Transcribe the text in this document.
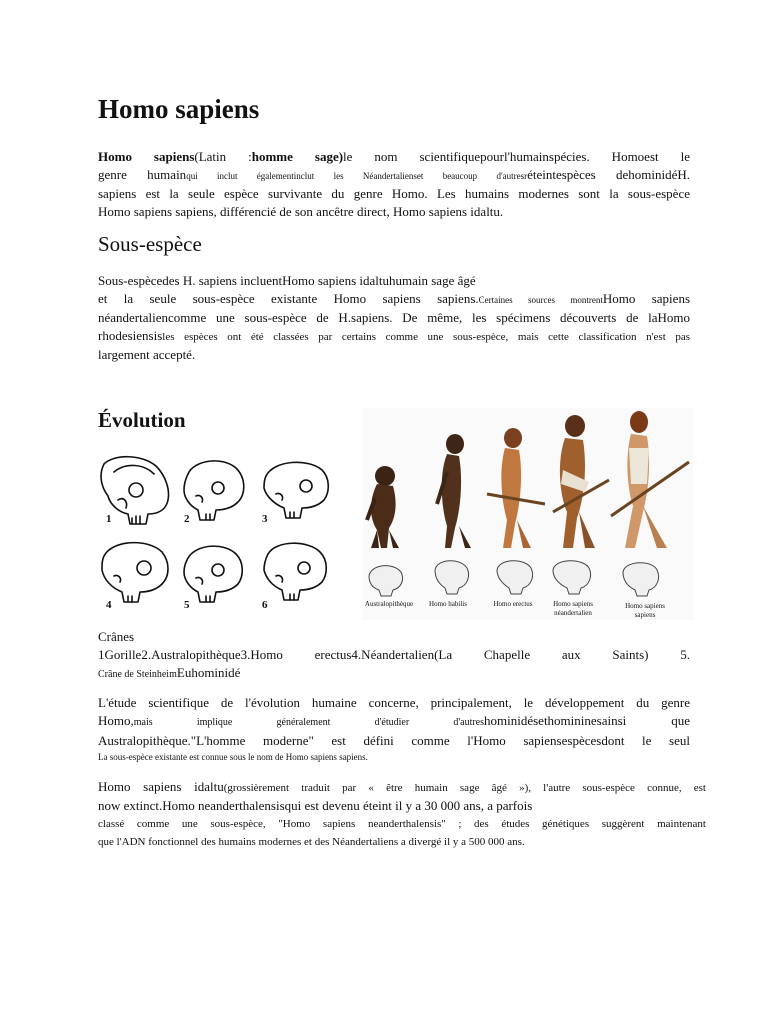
Homo sapiens
Homo sapiens(Latin :homme sage)le nom scientifiquepourl'humainspécies. Homoest le
genre humainqui inclut égalementinclut les Néandertalienset beaucoup d'autresréteintespèces dehominidéH.
sapiens est la seule espèce survivante du genre Homo. Les humains modernes sont la sous-espèce
Homo sapiens sapiens, différencié de son ancêtre direct, Homo sapiens idaltu.
Sous-espèce
Sous-espècedes H. sapiens incluentHomo sapiens idaltuhumain sage âgé
et la seule sous-espèce existante Homo sapiens sapiens.Certaines sources montrentHomo sapiens
néandertaliencomme une sous-espèce de H.sapiens. De même, les spécimens découverts de laHomo
rhodesiensisles espèces ont été classées par certains comme une sous-espèce, mais cette classification n'est pas
largement accepté.
Évolution
1	2	3
4	5	6	Australopithèque Homo habilis	Homo erectus	Homo sapiens néandertalien
Homo sapiens sapiens
Crânes
1Gorille2.Australopithèque3.Homo erectus4.Néandertalien(La Chapelle aux Saints) 5.
Crâne de SteinheimEuhominidé
L'étude scientifique de l'évolution humaine concerne, principalement, le développement du genre
Homo,mais implique généralement d'étudier d'autreshominidésethomininesainsi que
Australopithèque."L'homme moderne" est défini comme l'Homo sapiensespècesdont le seul
La sous-espèce existante est connue sous le nom de Homo sapiens sapiens.
Homo sapiens idaltu(grossièrement traduit par « être humain sage âgé »), l'autre sous-espèce connue, est
now extinct.Homo neanderthalensisqui est devenu éteint il y a 30 000 ans, a parfois
classé comme une sous-espèce, "Homo sapiens neanderthalensis" ; des études génétiques suggèrent maintenant
que l'ADN fonctionnel des humains modernes et des Néandertaliens a divergé il y a 500 000 ans.
